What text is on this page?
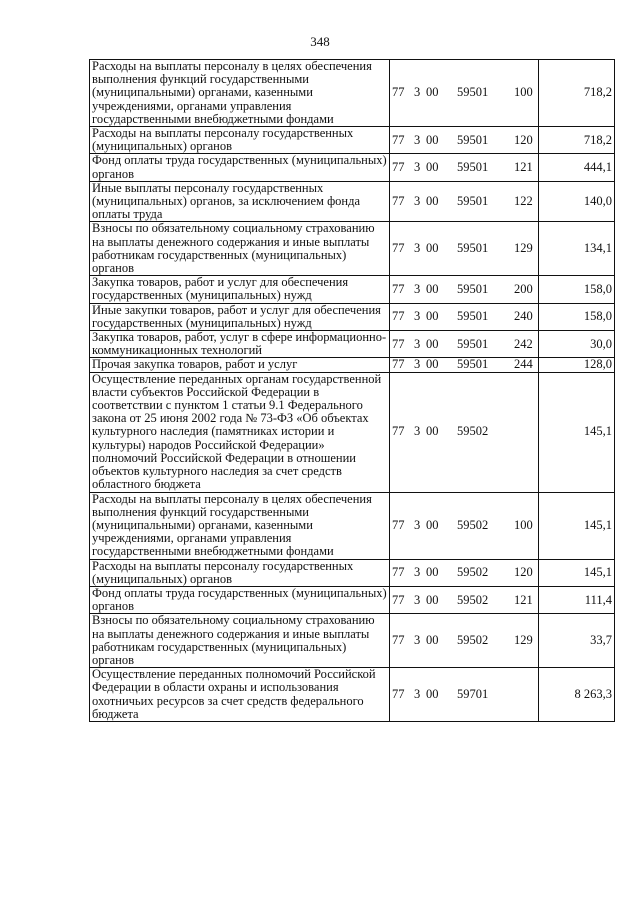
348
Расходы на выплаты персоналу в целях обеспечения выполнения функций государственными (муниципальными) органами, казенными учреждениями, органами управления государственными внебюджетными фондами	77 3 00 59501	100	718,2
Расходы на выплаты персоналу государственных (муниципальных) органов	77 3 00 59501	120	718,2
Фонд оплаты труда государственных (муниципальных) органов	77 3 00 59501	121	444,1
Иные выплаты персоналу государственных (муниципальных) органов, за исключением фонда оплаты труда	77 3 00 59501	122	140,0
Взносы по обязательному социальному страхованию на выплаты денежного содержания и иные выплаты работникам государственных (муниципальных) органов	77 3 00 59501	129	134,1
Закупка товаров, работ и услуг для обеспечения государственных (муниципальных) нужд	77 3 00 59501	200	158,0
Иные закупки товаров, работ и услуг для обеспечения государственных (муниципальных) нужд	77 3 00 59501	240	158,0
Закупка товаров, работ, услуг в сфере информационно-коммуникационных технологий	77 3 00 59501	242	30,0
Прочая закупка товаров, работ и услуг	77 3 00 59501	244	128,0
Осуществление переданных органам государственной власти субъектов Российской Федерации в соответствии с пунктом 1 статьи 9.1 Федерального закона от 25 июня 2002 года № 73-ФЗ «Об объектах культурного наследия (памятниках истории и культуры) народов Российской Федерации» полномочий Российской Федерации в отношении объектов культурного наследия за счет средств областного бюджета	77 3 00 59502		145,1
Расходы на выплаты персоналу в целях обеспечения выполнения функций государственными (муниципальными) органами, казенными учреждениями, органами управления государственными внебюджетными фондами	77 3 00 59502	100	145,1
Расходы на выплаты персоналу государственных (муниципальных) органов	77 3 00 59502	120	145,1
Фонд оплаты труда государственных (муниципальных) органов	77 3 00 59502	121	111,4
Взносы по обязательному социальному страхованию на выплаты денежного содержания и иные выплаты работникам государственных (муниципальных) органов	77 3 00 59502	129	33,7
Осуществление переданных полномочий Российской Федерации в области охраны и использования охотничьих ресурсов за счет средств федерального бюджета	77 3 00 59701		8 263,3
